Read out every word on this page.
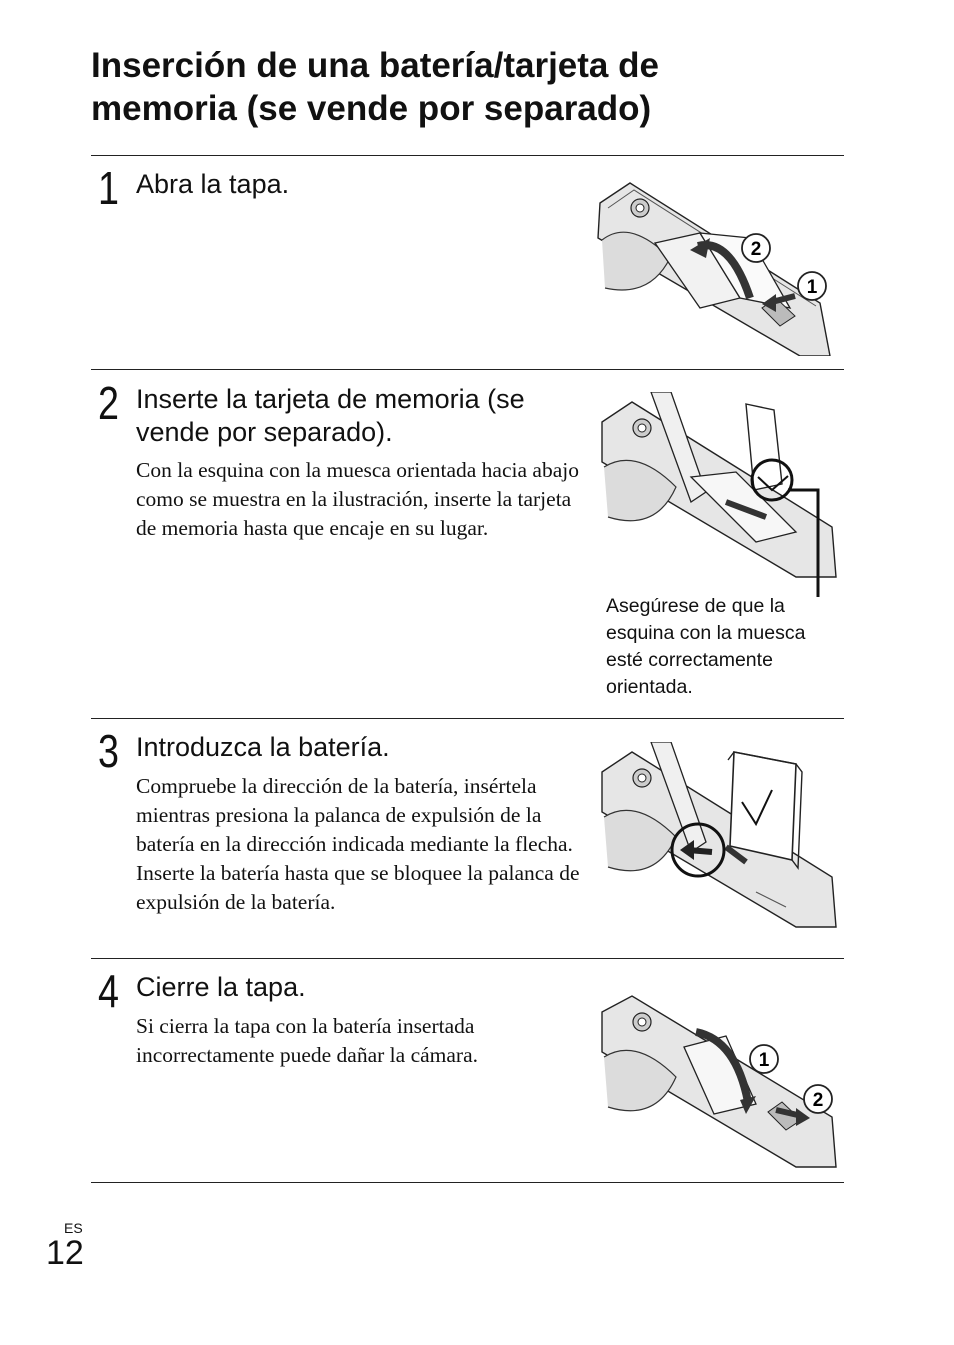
Inserción de una batería/tarjeta de
memoria (se vende por separado)
1 Abra la tapa.
2
1
2 Inserte la tarjeta de memoria (se
vende por separado).
Con la esquina con la muesca orientada hacia abajo como se muestra en la ilustración, inserte la tarjeta de memoria hasta que encaje en su lugar.
Asegúrese de que la esquina con la muesca esté correctamente orientada.
3 Introduzca la batería.
Compruebe la dirección de la batería, insértela mientras presiona la palanca de expulsión de la batería en la dirección indicada mediante la flecha. Inserte la batería hasta que se bloquee la palanca de expulsión de la batería.
4 Cierre la tapa.
Si cierra la tapa con la batería insertada incorrectamente puede dañar la cámara.	1
2
ES
12
